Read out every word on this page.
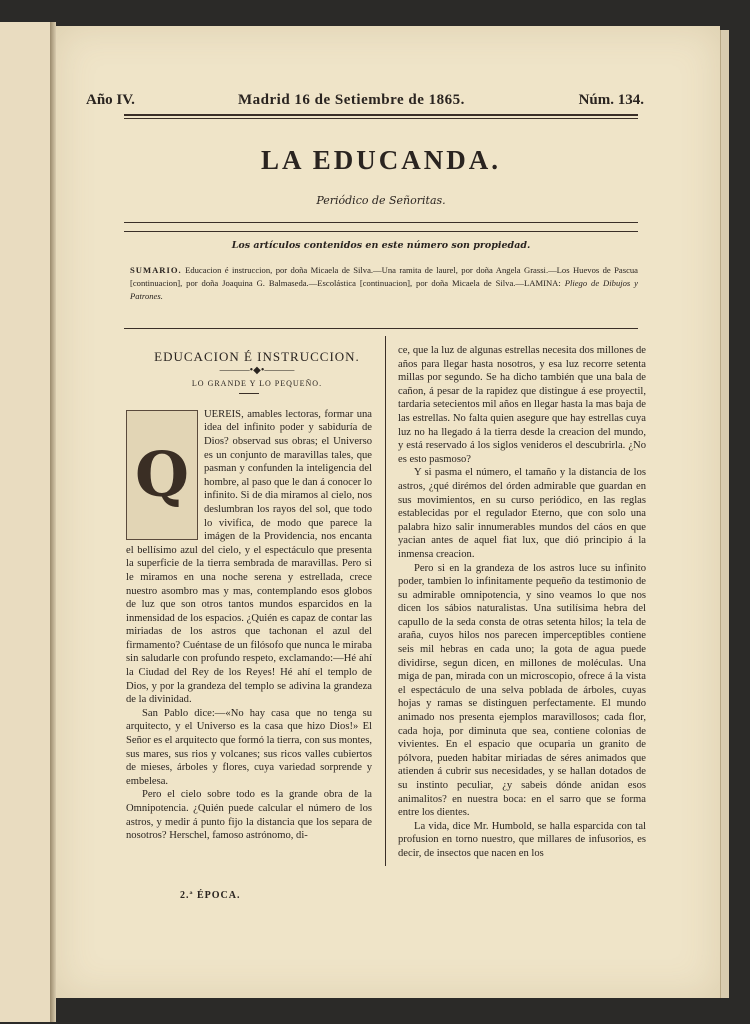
Año IV.	Madrid 16 de Setiembre de 1865.	Núm. 134.
LA EDUCANDA.
Periódico de Señoritas.
Los artículos contenidos en este número son propiedad.
SUMARIO. Educacion é instruccion, por doña Micaela de Silva.—Una ramita de laurel, por doña Angela Grassi.—Los Huevos de Pascua [continuacion], por doña Joaquina G. Balmaseda.—Escolástica [continuacion], por doña Micaela de Silva.—LAMINA: Pliego de Dibujos y Patrones.

EDUCACION É INSTRUCCION.

———•◆•———

LO GRANDE Y LO PEQUEÑO.

Q

UEREIS, amables lectoras, formar una idea del infinito poder y sabiduría de Dios? observad sus obras; el Universo es un conjunto de maravillas tales, que pasman y confunden la inteligencia del hombre, al paso que le dan á conocer lo infinito. Si de dia miramos al cielo, nos deslumbran los rayos del sol, que todo lo vivifica, de modo que parece la imágen de la Providencia, nos encanta el bellísimo azul del cielo, y el espectáculo que presenta la superficie de la tierra sembrada de maravillas. Pero si le miramos en una noche serena y estrellada, crece nuestro asombro mas y mas, contemplando esos globos de luz que son otros tantos mundos esparcidos en la inmensidad de los espacios. ¿Quién es capaz de contar las miriadas de los astros que tachonan el azul del firmamento? Cuéntase de un filósofo que nunca le miraba sin saludarle con profundo respeto, exclamando:—Hé ahí la Ciudad del Rey de los Reyes! Hé ahí el templo de Dios, y por la grandeza del templo se adivina la grandeza de la divinidad.

San Pablo dice:—«No hay casa que no tenga su arquitecto, y el Universo es la casa que hizo Dios!» El Señor es el arquitecto que formó la tierra, con sus montes, sus mares, sus rios y volcanes; sus ricos valles cubiertos de mieses, árboles y flores, cuya variedad sorprende y embelesa.

Pero el cielo sobre todo es la grande obra de la Omnipotencia. ¿Quién puede calcular el número de los astros, y medir á punto fijo la distancia que los separa de nosotros? Herschel, famoso astrónomo, di-

ce, que la luz de algunas estrellas necesita dos millones de años para llegar hasta nosotros, y esa luz recorre setenta millas por segundo. Se ha dicho también que una bala de cañon, á pesar de la rapidez que distingue á ese proyectil, tardaria setecientos mil años en llegar hasta la mas baja de las estrellas. No falta quien asegure que hay estrellas cuya luz no ha llegado á la tierra desde la creacion del mundo, y está reservado á los siglos venideros el descubrirla. ¿No es esto pasmoso?

Y si pasma el número, el tamaño y la distancia de los astros, ¿qué dirémos del órden admirable que guardan en sus movimientos, en su curso periódico, en las reglas establecidas por el regulador Eterno, que con solo una palabra hizo salir innumerables mundos del cáos en que yacian antes de aquel fiat lux, que dió principio á la inmensa creacion.

Pero si en la grandeza de los astros luce su infinito poder, tambien lo infinitamente pequeño da testimonio de su admirable omnipotencia, y sino veamos lo que nos dicen los sábios naturalistas. Una sutilísima hebra del capullo de la seda consta de otras setenta hilos; la tela de araña, cuyos hilos nos parecen imperceptibles contiene seis mil hebras en cada uno; la gota de agua puede dividirse, segun dicen, en millones de moléculas. Una miga de pan, mirada con un microscopio, ofrece á la vista el espectáculo de una selva poblada de árboles, cuyas hojas y ramas se distinguen perfectamente. El mundo animado nos presenta ejemplos maravillosos; cada flor, cada hoja, por diminuta que sea, contiene colonias de vivientes. En el espacio que ocuparia un granito de pólvora, pueden habitar miriadas de séres animados que atienden á cubrir sus necesidades, y se hallan dotados de su instinto peculiar, ¿y sabeis dónde anidan esos animalitos? en nuestra boca: en el sarro que se forma entre los dientes.

La vida, dice Mr. Humbold, se halla esparcida con tal profusion en torno nuestro, que millares de infusorios, es decir, de insectos que nacen en los

2.ª ÉPOCA.
